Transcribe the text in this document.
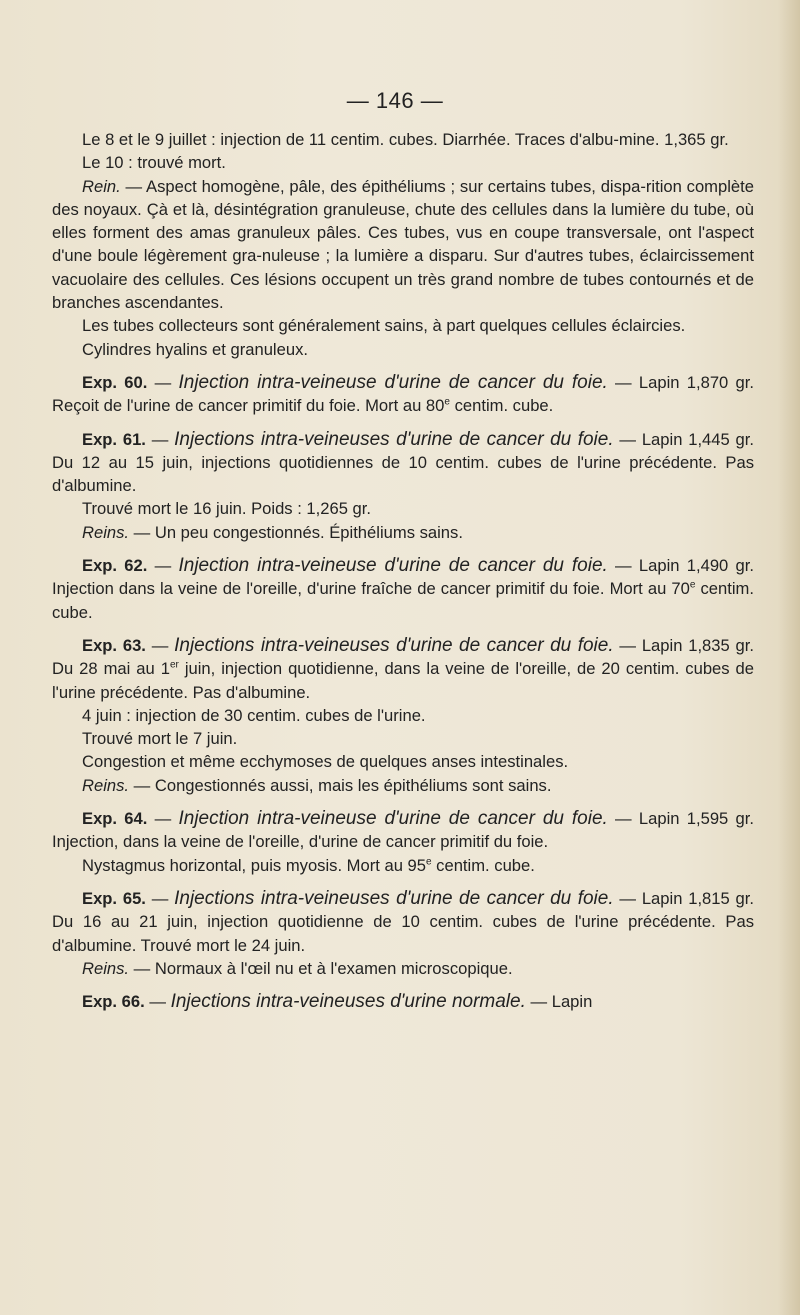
— 146 —

Le 8 et le 9 juillet : injection de 11 centim. cubes. Diarrhée. Traces d'albu-mine. 1,365 gr.

Le 10 : trouvé mort.

Rein. — Aspect homogène, pâle, des épithéliums ; sur certains tubes, dispa-rition complète des noyaux. Çà et là, désintégration granuleuse, chute des cellules dans la lumière du tube, où elles forment des amas granuleux pâles. Ces tubes, vus en coupe transversale, ont l'aspect d'une boule légèrement gra-nuleuse ; la lumière a disparu. Sur d'autres tubes, éclaircissement vacuolaire des cellules. Ces lésions occupent un très grand nombre de tubes contournés et de branches ascendantes.

Les tubes collecteurs sont généralement sains, à part quelques cellules éclaircies.

Cylindres hyalins et granuleux.

Exp. 60. — Injection intra-veineuse d'urine de cancer du foie. — Lapin 1,870 gr. Reçoit de l'urine de cancer primitif du foie. Mort au 80e centim. cube.

Exp. 61. — Injections intra-veineuses d'urine de cancer du foie. — Lapin 1,445 gr. Du 12 au 15 juin, injections quotidiennes de 10 centim. cubes de l'urine précédente. Pas d'albumine.

Trouvé mort le 16 juin. Poids : 1,265 gr.

Reins. — Un peu congestionnés. Épithéliums sains.

Exp. 62. — Injection intra-veineuse d'urine de cancer du foie. — Lapin 1,490 gr. Injection dans la veine de l'oreille, d'urine fraîche de cancer primitif du foie. Mort au 70e centim. cube.

Exp. 63. — Injections intra-veineuses d'urine de cancer du foie. — Lapin 1,835 gr. Du 28 mai au 1er juin, injection quotidienne, dans la veine de l'oreille, de 20 centim. cubes de l'urine précédente. Pas d'albumine.

4 juin : injection de 30 centim. cubes de l'urine.

Trouvé mort le 7 juin.

Congestion et même ecchymoses de quelques anses intestinales.

Reins. — Congestionnés aussi, mais les épithéliums sont sains.

Exp. 64. — Injection intra-veineuse d'urine de cancer du foie. — Lapin 1,595 gr. Injection, dans la veine de l'oreille, d'urine de cancer primitif du foie.

Nystagmus horizontal, puis myosis. Mort au 95e centim. cube.

Exp. 65. — Injections intra-veineuses d'urine de cancer du foie. — Lapin 1,815 gr. Du 16 au 21 juin, injection quotidienne de 10 centim. cubes de l'urine précédente. Pas d'albumine. Trouvé mort le 24 juin.

Reins. — Normaux à l'œil nu et à l'examen microscopique.

Exp. 66. — Injections intra-veineuses d'urine normale. — Lapin
